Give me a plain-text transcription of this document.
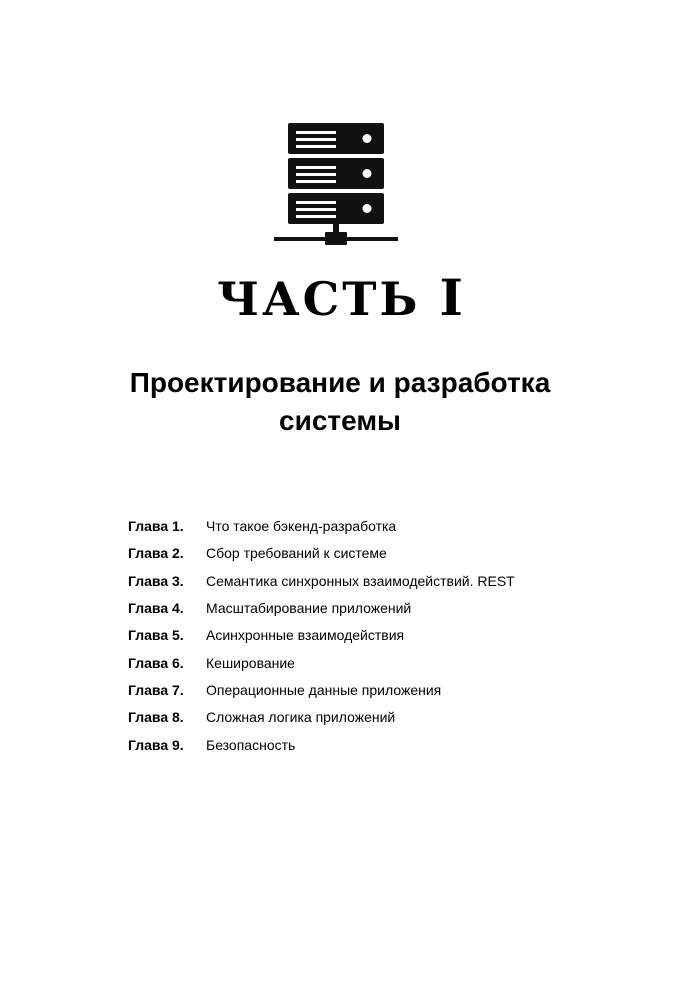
ЧАСТЬ I
Проектирование и разработка
системы
Глава 1.	Что такое бэкенд-разработка
Глава 2.	Сбор требований к системе
Глава 3.	Семантика синхронных взаимодействий. REST
Глава 4.	Масштабирование приложений
Глава 5.	Асинхронные взаимодействия
Глава 6.	Кеширование
Глава 7.	Операционные данные приложения
Глава 8.	Сложная логика приложений
Глава 9.	Безопасность
